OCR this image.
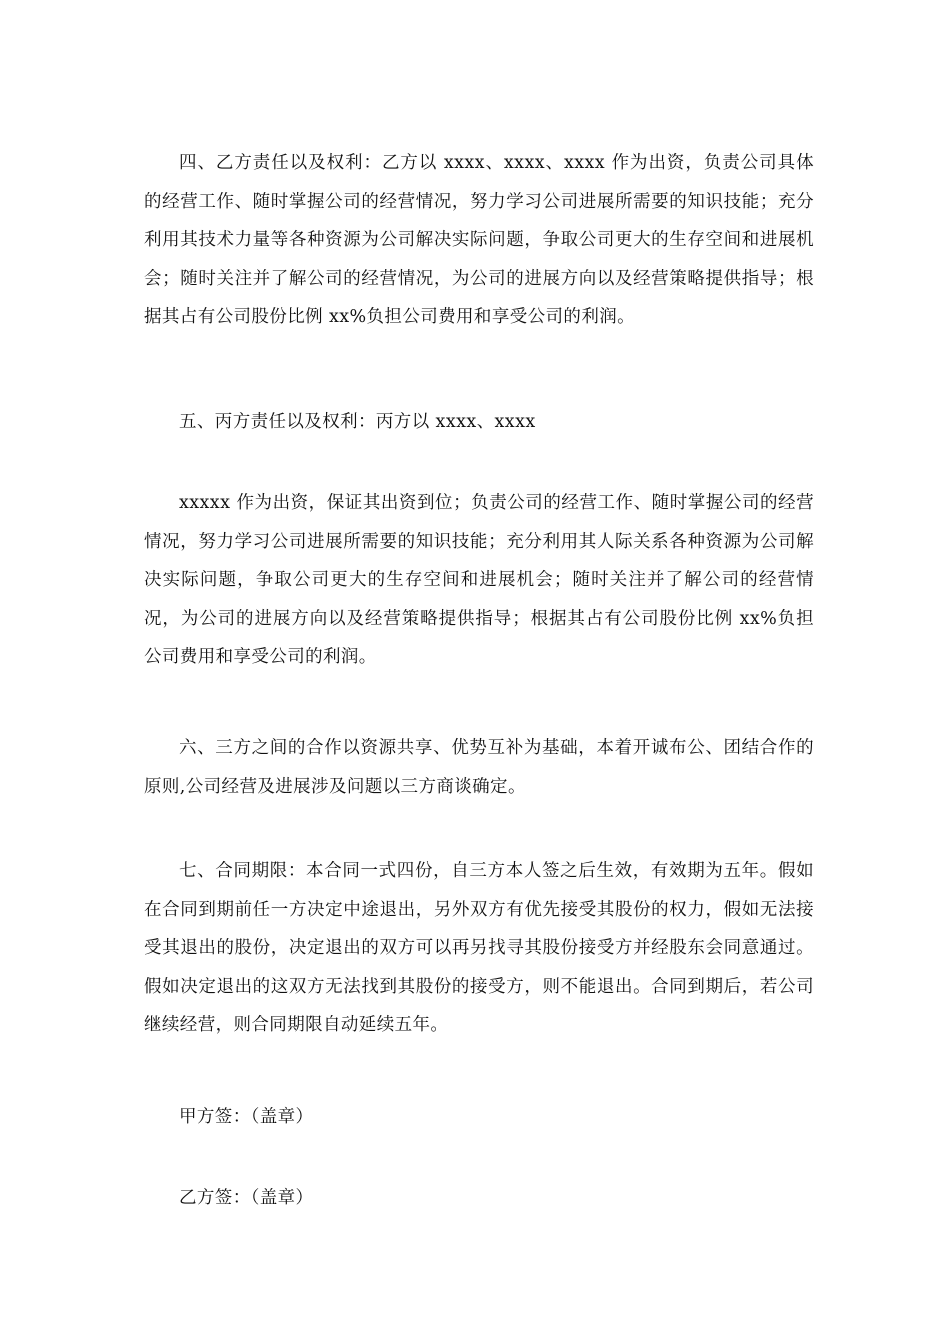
四、乙方责任以及权利：乙方以 xxxx、xxxx、xxxx 作为出资，负责公司具体的经营工作、随时掌握公司的经营情况，努力学习公司进展所需要的知识技能；充分利用其技术力量等各种资源为公司解决实际问题，争取公司更大的生存空间和进展机会；随时关注并了解公司的经营情况，为公司的进展方向以及经营策略提供指导；根据其占有公司股份比例 xx%负担公司费用和享受公司的利润。

五、丙方责任以及权利：丙方以 xxxx、xxxx

xxxxx 作为出资，保证其出资到位；负责公司的经营工作、随时掌握公司的经营情况，努力学习公司进展所需要的知识技能；充分利用其人际关系各种资源为公司解决实际问题，争取公司更大的生存空间和进展机会；随时关注并了解公司的经营情况，为公司的进展方向以及经营策略提供指导；根据其占有公司股份比例 xx%负担公司费用和享受公司的利润。

六、三方之间的合作以资源共享、优势互补为基础，本着开诚布公、团结合作的原则,公司经营及进展涉及问题以三方商谈确定。

七、合同期限：本合同一式四份，自三方本人签之后生效，有效期为五年。假如在合同到期前任一方决定中途退出，另外双方有优先接受其股份的权力，假如无法接受其退出的股份，决定退出的双方可以再另找寻其股份接受方并经股东会同意通过。假如决定退出的这双方无法找到其股份的接受方，则不能退出。合同到期后，若公司继续经营，则合同期限自动延续五年。

甲方签：（盖章）

乙方签：（盖章）
